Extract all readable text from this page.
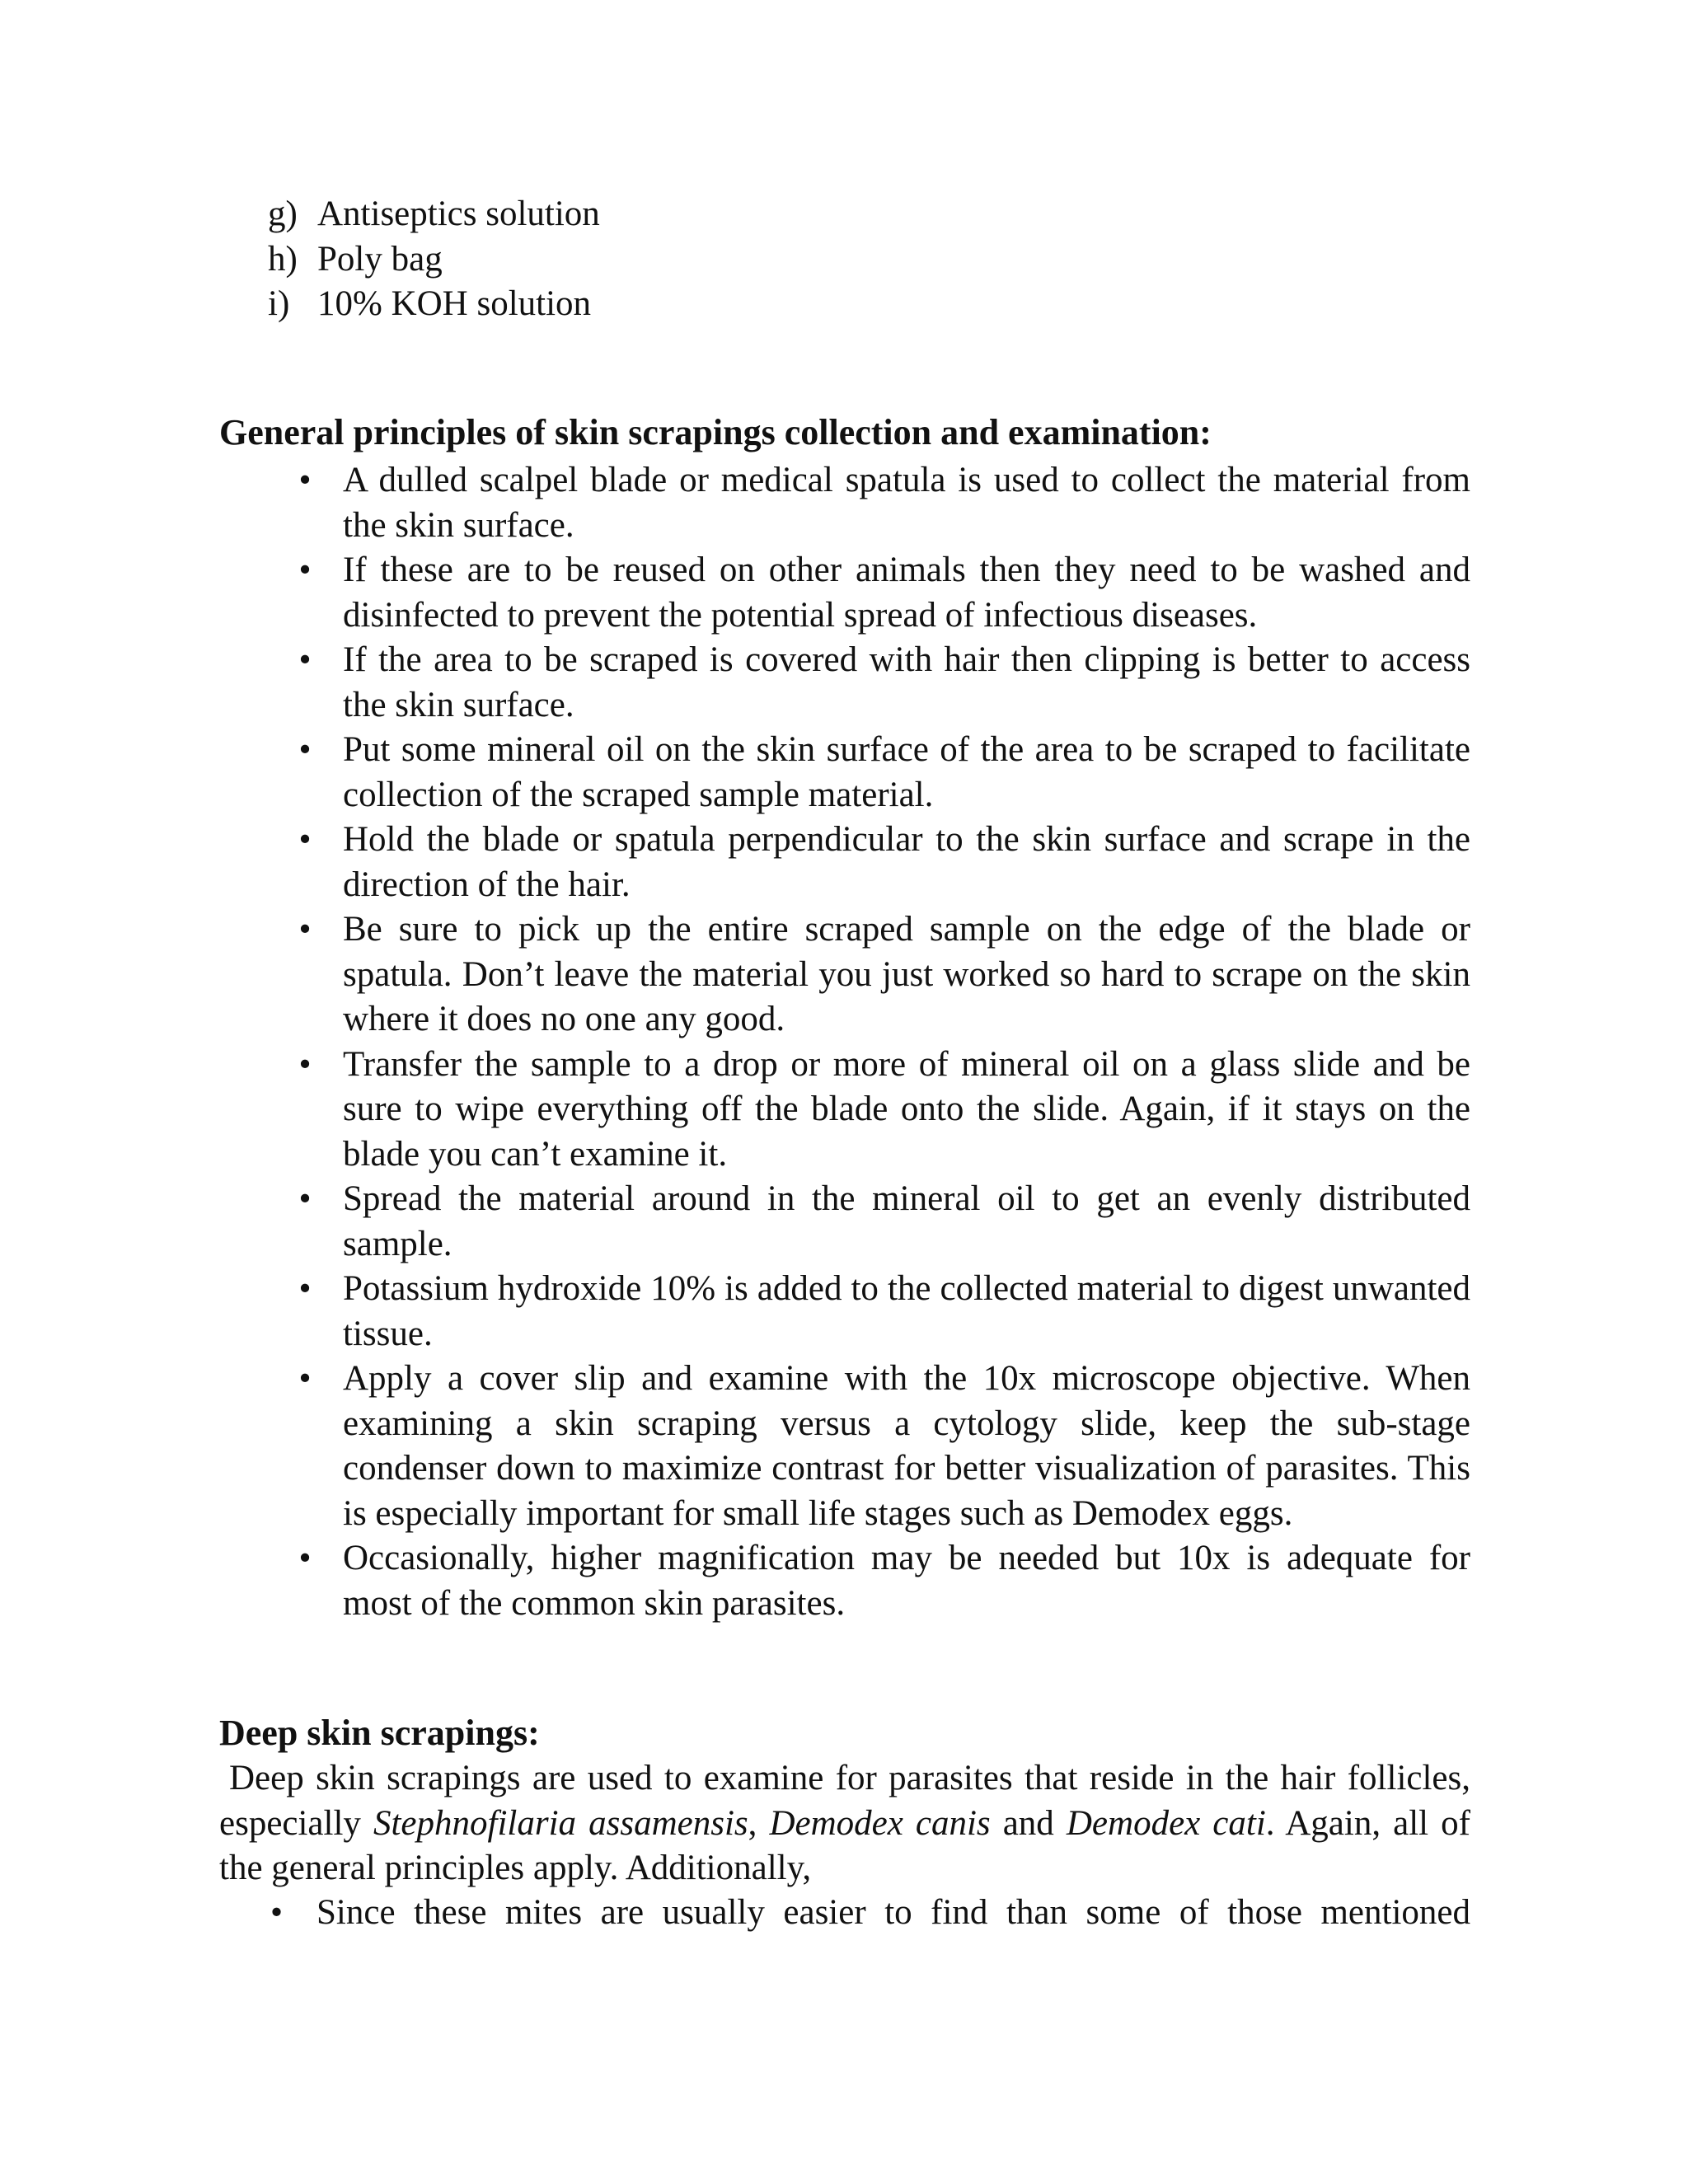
g) Antiseptics solution
h) Poly bag
i) 10% KOH solution
General principles of skin scrapings collection and examination:
• A dulled scalpel blade or medical spatula is used to collect the material from the skin surface.
• If these are to be reused on other animals then they need to be washed and disinfected to prevent the potential spread of infectious diseases.
• If the area to be scraped is covered with hair then clipping is better to access the skin surface.
• Put some mineral oil on the skin surface of the area to be scraped to facilitate collection of the scraped sample material.
• Hold the blade or spatula perpendicular to the skin surface and scrape in the direction of the hair.
• Be sure to pick up the entire scraped sample on the edge of the blade or spatula. Don’t leave the material you just worked so hard to scrape on the skin where it does no one any good.
• Transfer the sample to a drop or more of mineral oil on a glass slide and be sure to wipe everything off the blade onto the slide. Again, if it stays on the blade you can’t examine it.
• Spread the material around in the mineral oil to get an evenly distributed sample.
• Potassium hydroxide 10% is added to the collected material to digest unwanted tissue.
• Apply a cover slip and examine with the 10x microscope objective. When examining a skin scraping versus a cytology slide, keep the sub-stage condenser down to maximize contrast for better visualization of parasites. This is especially important for small life stages such as Demodex eggs.
• Occasionally, higher magnification may be needed but 10x is adequate for most of the common skin parasites.
Deep skin scrapings:

Deep skin scrapings are used to examine for parasites that reside in the hair follicles, especially Stephnofilaria assamensis, Demodex canis and Demodex cati. Again, all of the general principles apply. Additionally,

• Since these mites are usually easier to find than some of those mentioned
